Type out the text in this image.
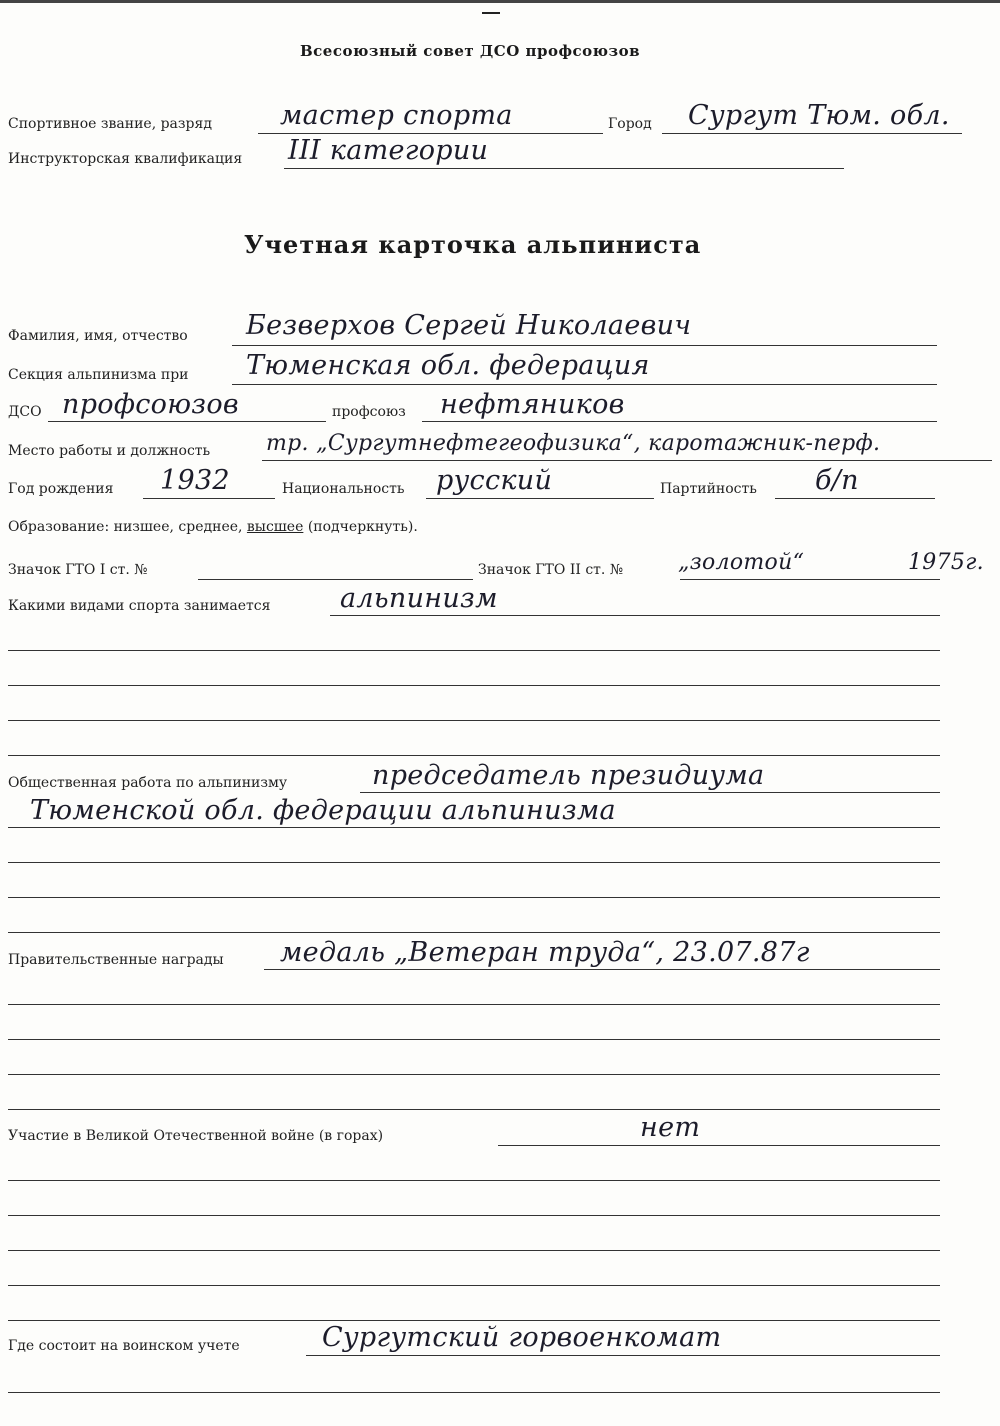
Всесоюзный совет ДСО профсоюзов
Спортивное звание, разряд	мастер спорта	Город Сургут Тюм. обл.
Инструкторская квалификация III категории
Учетная карточка альпиниста
Фамилия, имя, отчество Безверхов Сергей Николаевич
Секция альпинизма при Тюменская обл. федерация
ДСО профсоюзов	профсоюз нефтяников
Место работы и должность	тр. „Сургутнефтегеофизика“, каротажник-перф.
Год рождения 1932	Национальность русский	Партийность б/п
Образование: низшее, среднее, высшее (подчеркнуть).
Значок ГТО I ст. №	Значок ГТО II ст. № „золотой“	1975г.
Какими видами спорта занимается	альпинизм
Общественная работа по альпинизму	председатель президиума
Тюменской обл. федерации альпинизма
Правительственные награды медаль „Ветеран труда“, 23.07.87г
Участие в Великой Отечественной войне (в горах)	нет
Где состоит на воинском учете	Сургутский горвоенкомат
